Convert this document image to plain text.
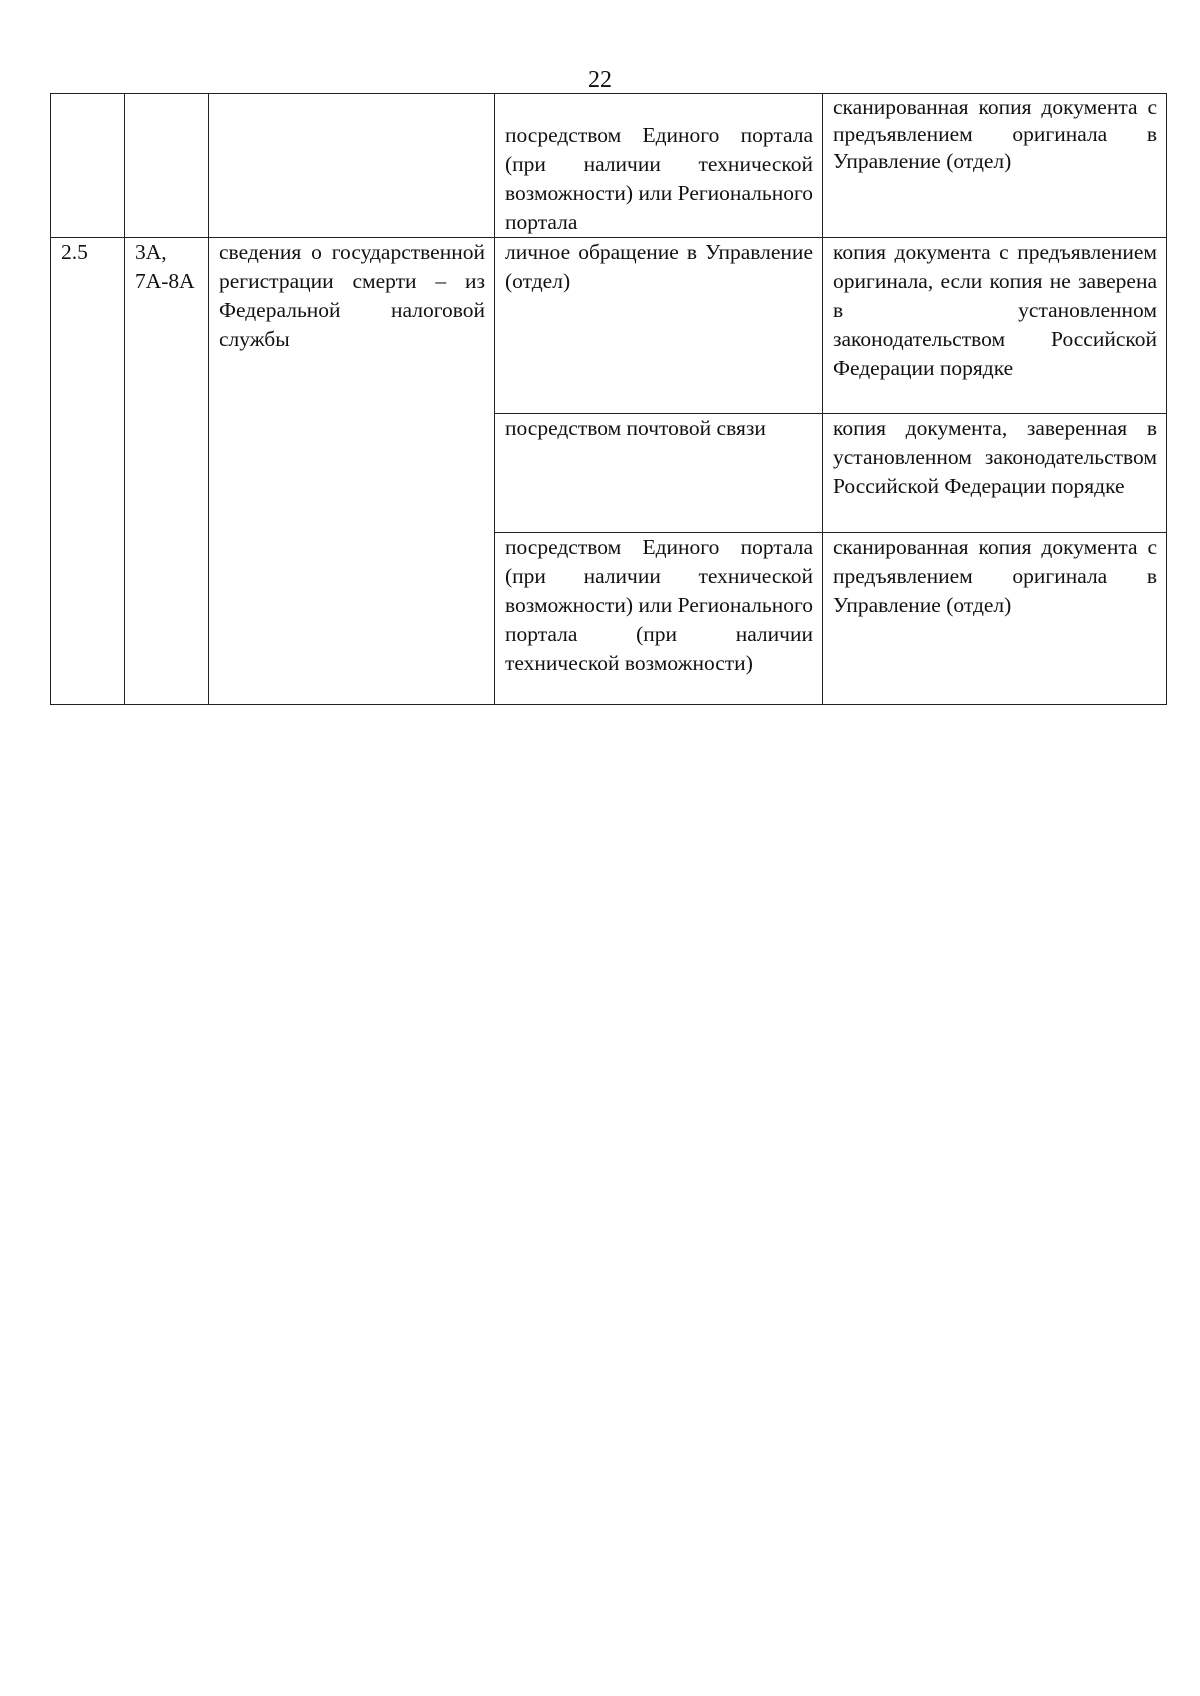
22
			посредством Единого портала (при наличии технической возможности) или Регионального портала	сканированная копия документа с предъявлением оригинала в Управление (отдел)
2.5	3А, 7А-8А	сведения о государственной регистрации смерти – из Федеральной налоговой службы	личное обращение в Управление (отдел)	копия документа с предъявлением оригинала, если копия не заверена в установленном законодательством Российской Федерации порядке
			посредством почтовой связи	копия документа, заверенная в установленном законодательством Российской Федерации порядке
			посредством Единого портала (при наличии технической возможности) или Регионального портала (при наличии технической возможности)	сканированная копия документа с предъявлением оригинала в Управление (отдел)
